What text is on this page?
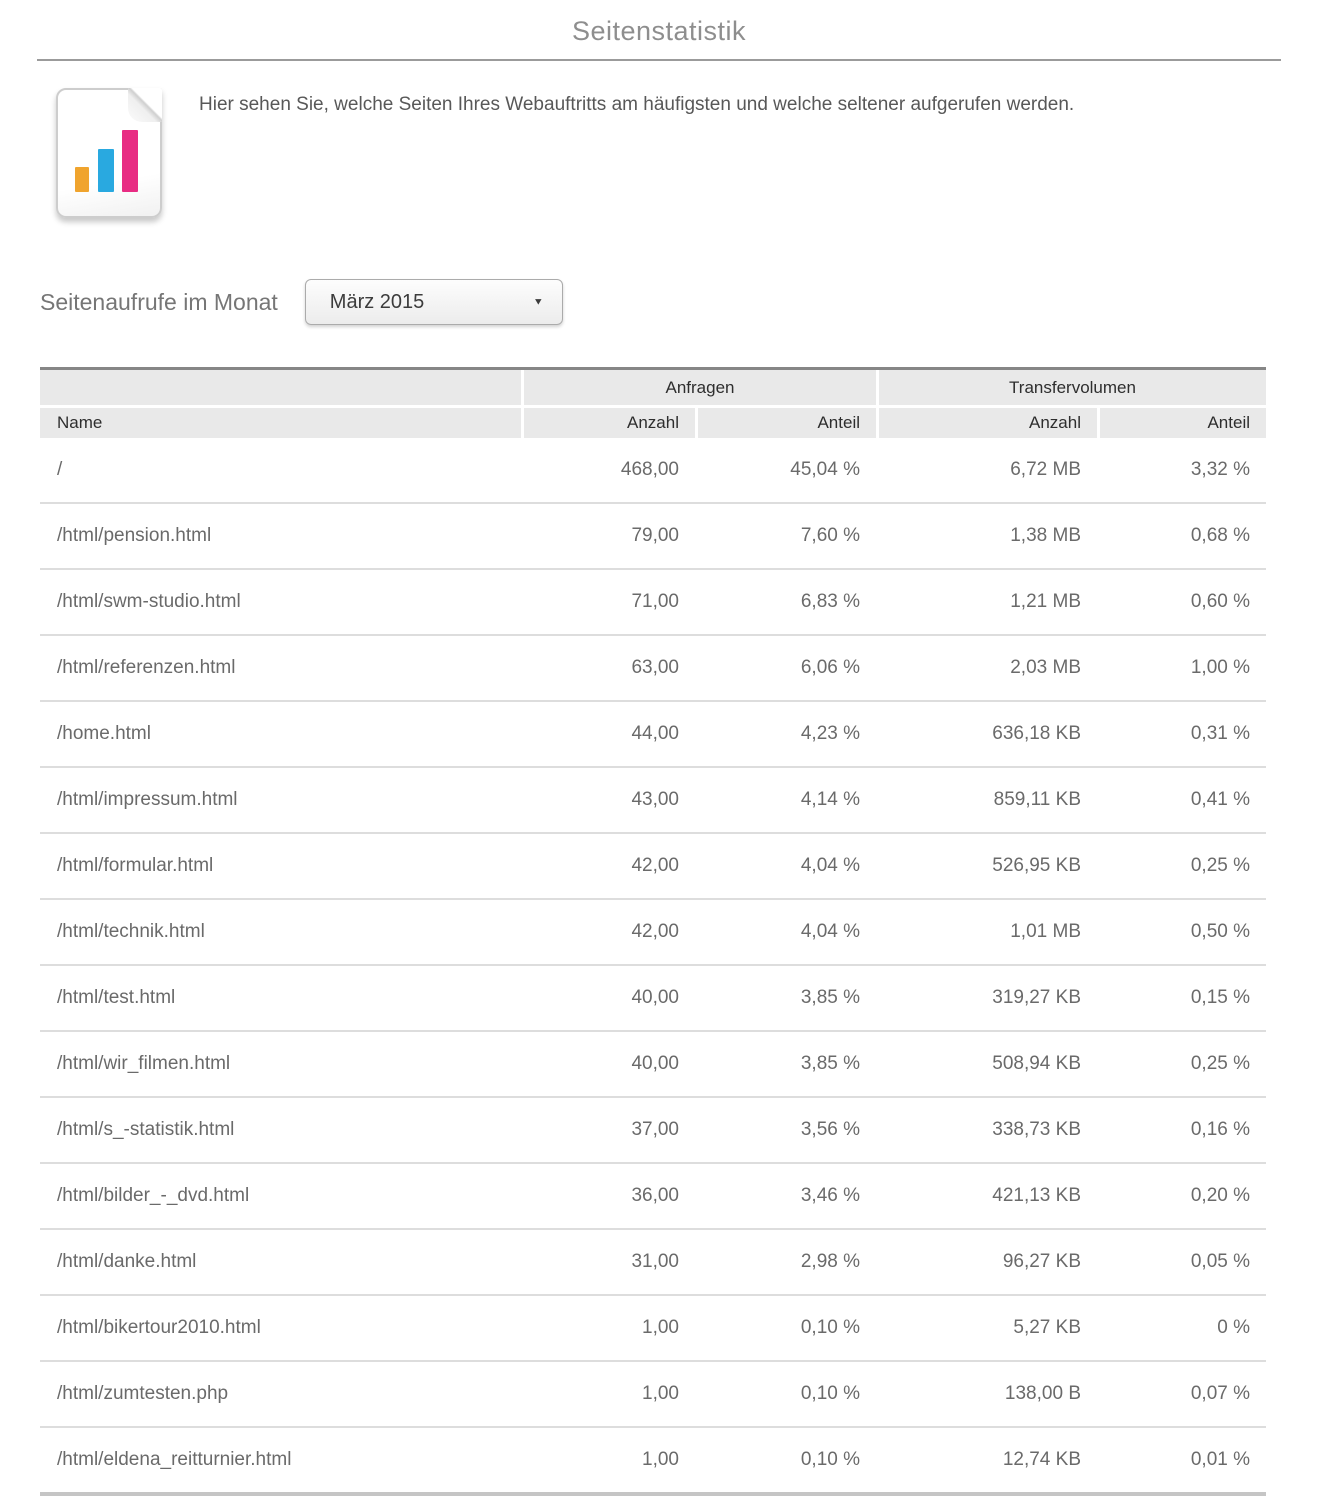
Seitenstatistik

Hier sehen Sie, welche Seiten Ihres Webauftritts am häufigsten und welche seltener aufgerufen werden.

Seitenaufrufe im Monat	März 2015	▼
Anfragen	Transfervolumen
Name	Anzahl	Anteil	Anzahl	Anteil
/	468,00	45,04 %	6,72 MB	3,32 %
/html/pension.html	79,00	7,60 %	1,38 MB	0,68 %
/html/swm-studio.html	71,00	6,83 %	1,21 MB	0,60 %
/html/referenzen.html	63,00	6,06 %	2,03 MB	1,00 %
/home.html	44,00	4,23 %	636,18 KB	0,31 %
/html/impressum.html	43,00	4,14 %	859,11 KB	0,41 %
/html/formular.html	42,00	4,04 %	526,95 KB	0,25 %
/html/technik.html	42,00	4,04 %	1,01 MB	0,50 %
/html/test.html	40,00	3,85 %	319,27 KB	0,15 %
/html/wir_filmen.html	40,00	3,85 %	508,94 KB	0,25 %
/html/s_-statistik.html	37,00	3,56 %	338,73 KB	0,16 %
/html/bilder_-_dvd.html	36,00	3,46 %	421,13 KB	0,20 %
/html/danke.html	31,00	2,98 %	96,27 KB	0,05 %
/html/bikertour2010.html	1,00	0,10 %	5,27 KB	0 %
/html/zumtesten.php	1,00	0,10 %	138,00 B	0,07 %
/html/eldena_reitturnier.html	1,00	0,10 %	12,74 KB	0,01 %
